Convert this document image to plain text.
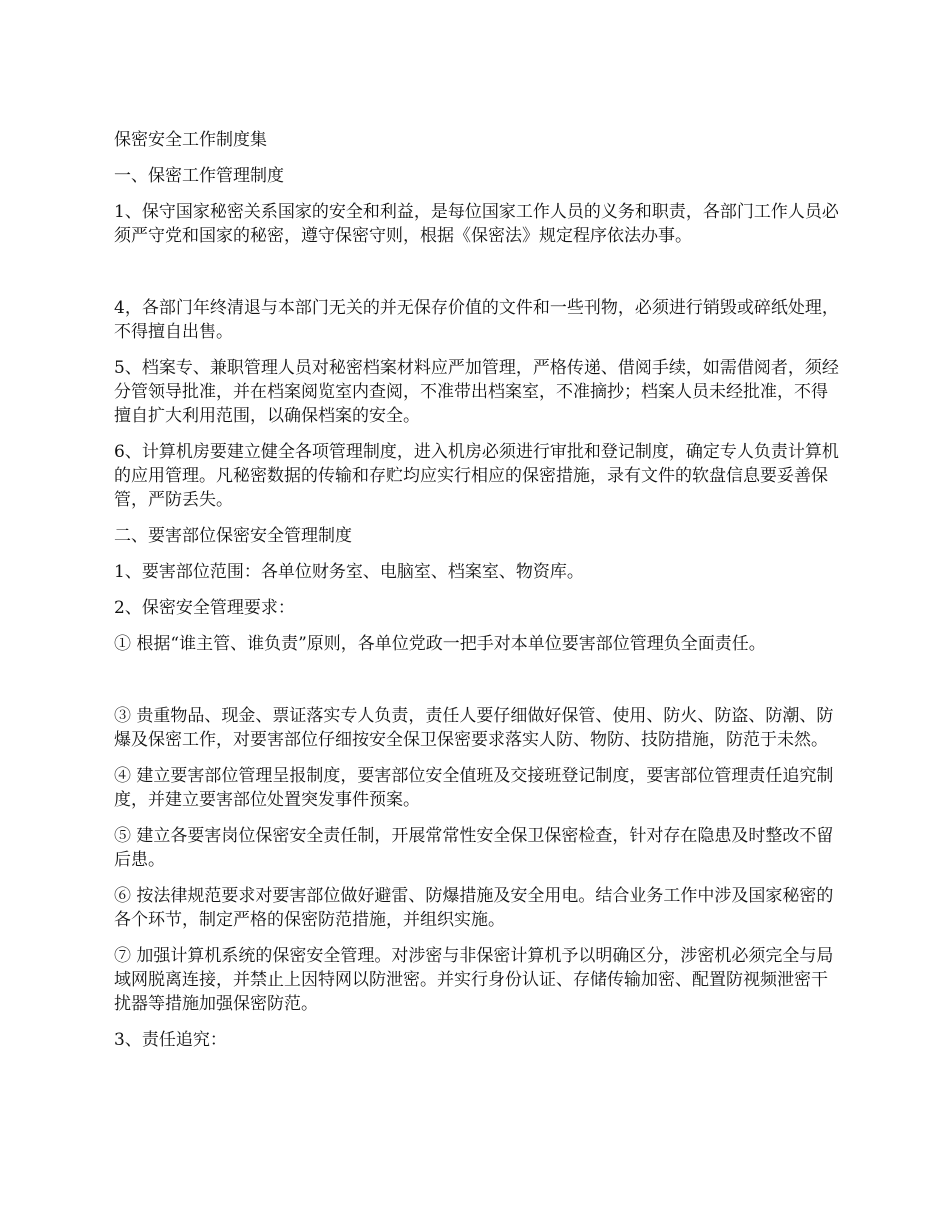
保密安全工作制度集

一、保密工作管理制度

1、保守国家秘密关系国家的安全和利益，是每位国家工作人员的义务和职责，各部门工作人员必须严守党和国家的秘密，遵守保密守则，根据《保密法》规定程序依法办事。

4，各部门年终清退与本部门无关的并无保存价值的文件和一些刊物，必须进行销毁或碎纸处理，不得擅自出售。

5、档案专、兼职管理人员对秘密档案材料应严加管理，严格传递、借阅手续，如需借阅者，须经分管领导批准，并在档案阅览室内查阅，不准带出档案室，不准摘抄；档案人员未经批准，不得擅自扩大利用范围，以确保档案的安全。

6、计算机房要建立健全各项管理制度，进入机房必须进行审批和登记制度，确定专人负责计算机的应用管理。凡秘密数据的传输和存贮均应实行相应的保密措施，录有文件的软盘信息要妥善保管，严防丢失。

二、要害部位保密安全管理制度

1、要害部位范围：各单位财务室、电脑室、档案室、物资库。

2、保密安全管理要求：

① 根据“谁主管、谁负责”原则，各单位党政一把手对本单位要害部位管理负全面责任。

③ 贵重物品、现金、票证落实专人负责，责任人要仔细做好保管、使用、防火、防盗、防潮、防爆及保密工作，对要害部位仔细按安全保卫保密要求落实人防、物防、技防措施，防范于未然。

④ 建立要害部位管理呈报制度，要害部位安全值班及交接班登记制度，要害部位管理责任追究制度，并建立要害部位处置突发事件预案。

⑤ 建立各要害岗位保密安全责任制，开展常常性安全保卫保密检查，针对存在隐患及时整改不留后患。

⑥ 按法律规范要求对要害部位做好避雷、防爆措施及安全用电。结合业务工作中涉及国家秘密的各个环节，制定严格的保密防范措施，并组织实施。

⑦ 加强计算机系统的保密安全管理。对涉密与非保密计算机予以明确区分，涉密机必须完全与局域网脱离连接，并禁止上因特网以防泄密。并实行身份认证、存储传输加密、配置防视频泄密干扰器等措施加强保密防范。

3、责任追究：
